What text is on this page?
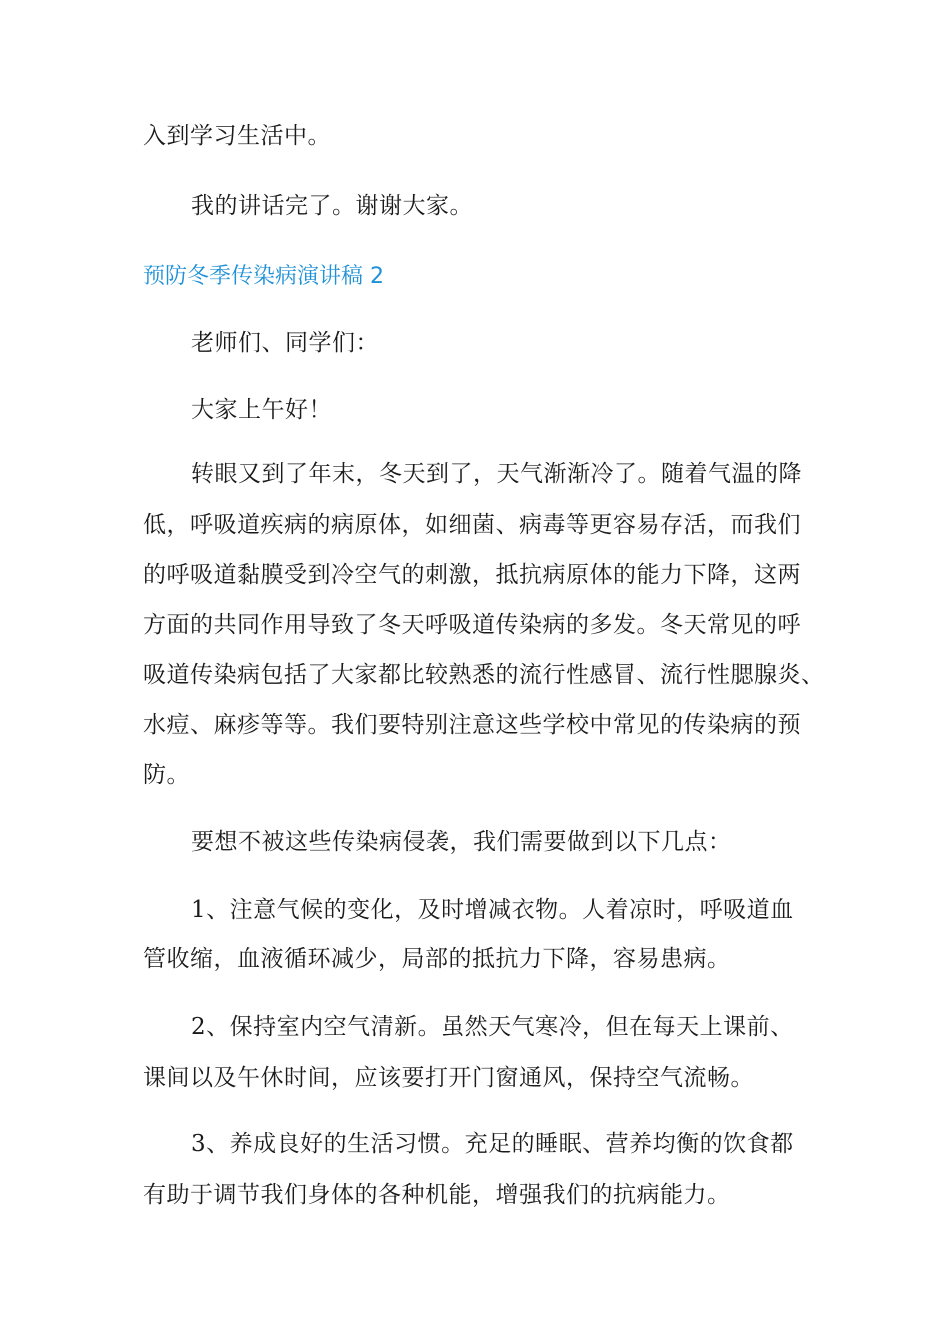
入到学习生活中。
我的讲话完了。谢谢大家。
预防冬季传染病演讲稿 2
老师们、同学们：
大家上午好！
转眼又到了年末，冬天到了，天气渐渐冷了。随着气温的降
低，呼吸道疾病的病原体，如细菌、病毒等更容易存活，而我们
的呼吸道黏膜受到冷空气的刺激，抵抗病原体的能力下降，这两
方面的共同作用导致了冬天呼吸道传染病的多发。冬天常见的呼
吸道传染病包括了大家都比较熟悉的流行性感冒、流行性腮腺炎、
水痘、麻疹等等。我们要特别注意这些学校中常见的传染病的预
防。
要想不被这些传染病侵袭，我们需要做到以下几点：
1、注意气候的变化，及时增减衣物。人着凉时，呼吸道血
管收缩，血液循环减少，局部的抵抗力下降，容易患病。
2、保持室内空气清新。虽然天气寒冷，但在每天上课前、
课间以及午休时间，应该要打开门窗通风，保持空气流畅。
3、养成良好的生活习惯。充足的睡眠、营养均衡的饮食都
有助于调节我们身体的各种机能，增强我们的抗病能力。
